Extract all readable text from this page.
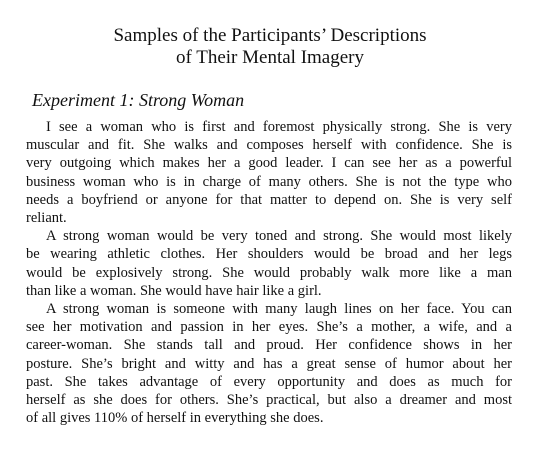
Samples of the Participants’ Descriptions
of Their Mental Imagery
Experiment 1: Strong Woman
I see a woman who is first and foremost physically strong. She is very
muscular and fit. She walks and composes herself with confidence. She is
very outgoing which makes her a good leader. I can see her as a powerful
business woman who is in charge of many others. She is not the type who
needs a boyfriend or anyone for that matter to depend on. She is very self
reliant.
A strong woman would be very toned and strong. She would most likely
be wearing athletic clothes. Her shoulders would be broad and her legs
would be explosively strong. She would probably walk more like a man
than like a woman. She would have hair like a girl.
A strong woman is someone with many laugh lines on her face. You can
see her motivation and passion in her eyes. She’s a mother, a wife, and a
career-woman. She stands tall and proud. Her confidence shows in her
posture. She’s bright and witty and has a great sense of humor about her
past. She takes advantage of every opportunity and does as much for
herself as she does for others. She’s practical, but also a dreamer and most
of all gives 110% of herself in everything she does.
